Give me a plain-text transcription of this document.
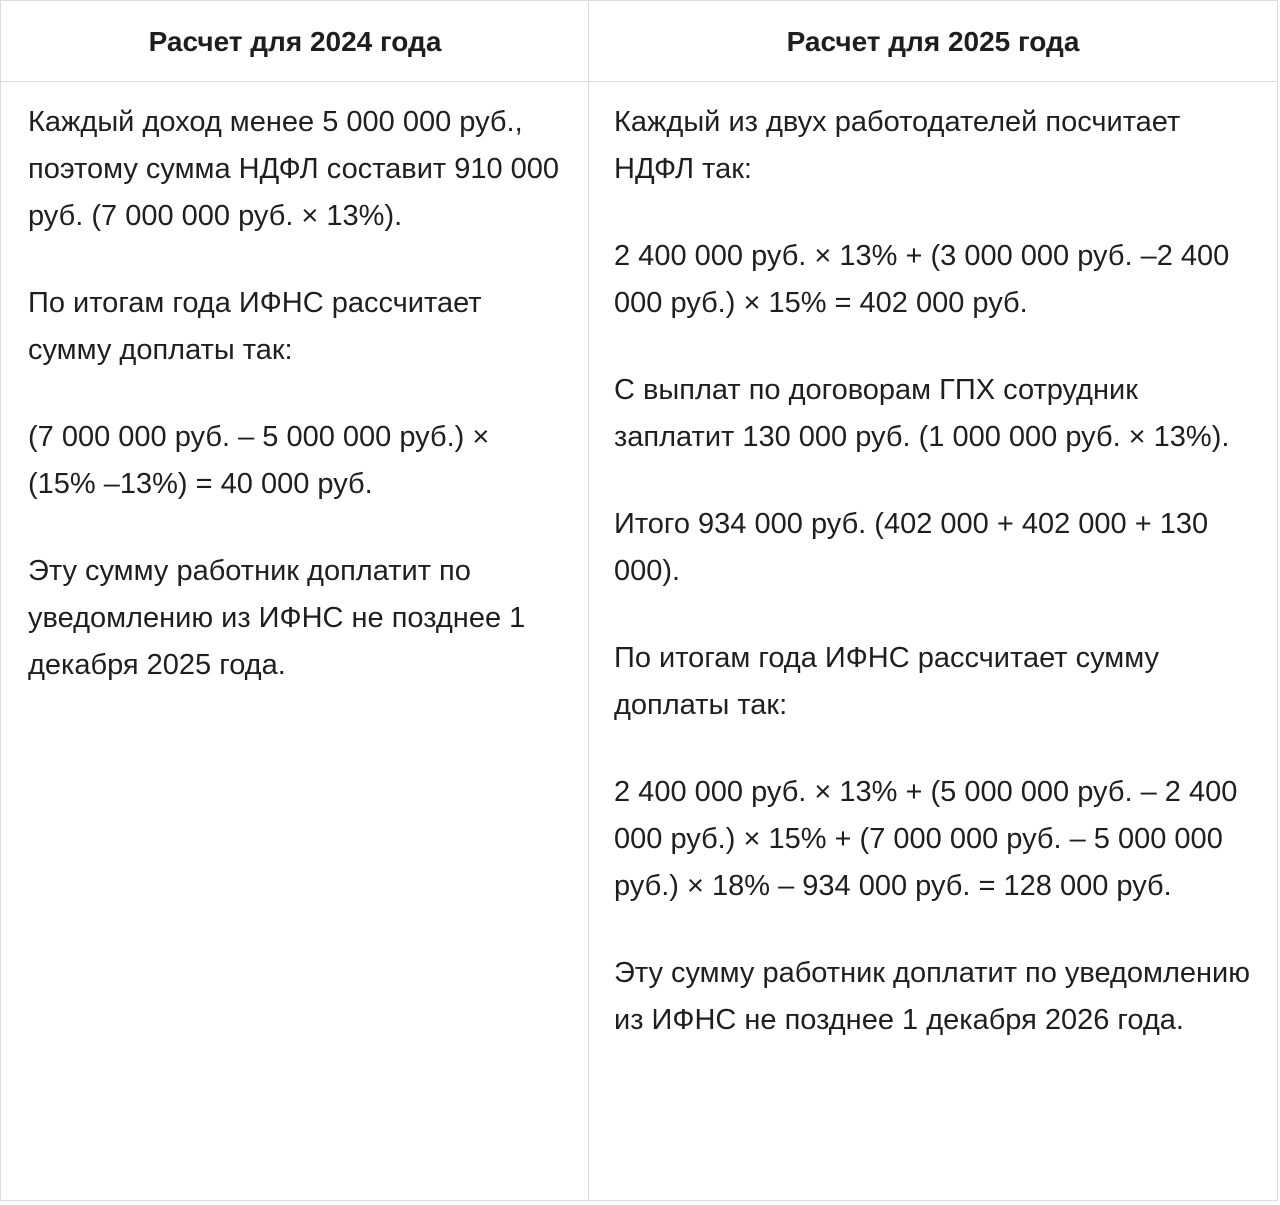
Расчет для 2024 года	Расчет для 2025 года

Каждый доход менее 5 000 000 руб., поэтому сумма НДФЛ составит 910 000 руб. (7 000 000 руб. × 13%).

По итогам года ИФНС рассчитает сумму доплаты так:

(7 000 000 руб. – 5 000 000 руб.) × (15% –13%) = 40 000 руб.

Эту сумму работник доплатит по уведомлению из ИФНС не позднее 1 декабря 2025 года.

Каждый из двух работодателей посчитает НДФЛ так:

2 400 000 руб. × 13% + (3 000 000 руб. –2 400 000 руб.) × 15% = 402 000 руб.

С выплат по договорам ГПХ сотрудник заплатит 130 000 руб. (1 000 000 руб. × 13%).

Итого 934 000 руб. (402 000 + 402 000 + 130 000).

По итогам года ИФНС рассчитает сумму доплаты так:

2 400 000 руб. × 13% + (5 000 000 руб. – 2 400 000 руб.) × 15% + (7 000 000 руб. – 5 000 000 руб.) × 18% – 934 000 руб. = 128 000 руб.

Эту сумму работник доплатит по уведомлению из ИФНС не позднее 1 декабря 2026 года.
